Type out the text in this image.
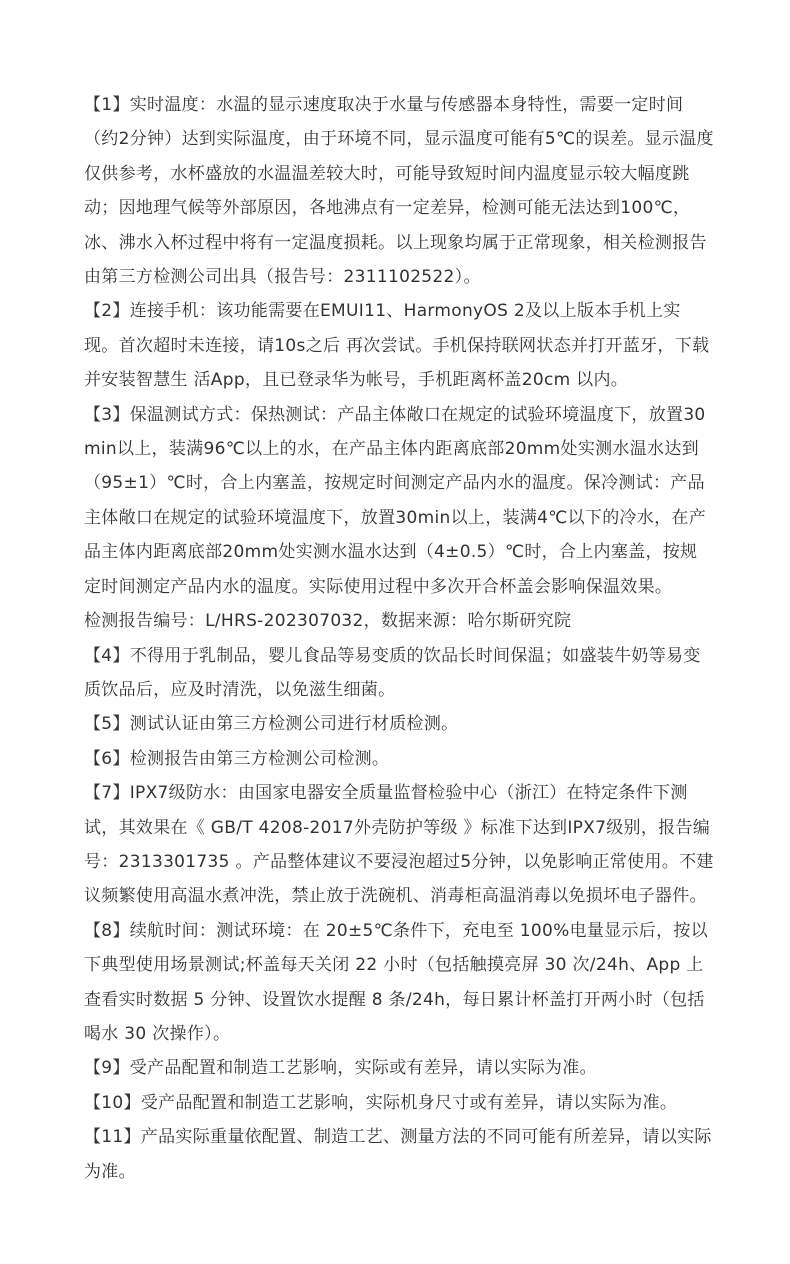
【1】实时温度：水温的显示速度取决于水量与传感器本身特性，需要一定时间（约2分钟）达到实际温度，由于环境不同，显示温度可能有5℃的误差。显示温度仅供参考，水杯盛放的水温温差较大时，可能导致短时间内温度显示较大幅度跳动；因地理气候等外部原因，各地沸点有一定差异，检测可能无法达到100℃，冰、沸水入杯过程中将有一定温度损耗。以上现象均属于正常现象，相关检测报告由第三方检测公司出具（报告号：2311102522）。
【2】连接手机：该功能需要在EMUI11、HarmonyOS 2及以上版本手机上实现。首次超时未连接，请10s之后 再次尝试。手机保持联网状态并打开蓝牙，下载并安装智慧生 活App，且已登录华为帐号，手机距离杯盖20cm 以内。
【3】保温测试方式：保热测试：产品主体敞口在规定的试验环境温度下，放置30min以上，装满96℃以上的水，在产品主体内距离底部20mm处实测水温水达到（95±1）℃时，合上内塞盖，按规定时间测定产品内水的温度。保冷测试：产品主体敞口在规定的试验环境温度下，放置30min以上，装满4℃以下的冷水，在产品主体内距离底部20mm处实测水温水达到（4±0.5）℃时，合上内塞盖，按规定时间测定产品内水的温度。实际使用过程中多次开合杯盖会影响保温效果。
检测报告编号：L/HRS-202307032，数据来源：哈尔斯研究院
【4】不得用于乳制品，婴儿食品等易变质的饮品长时间保温；如盛装牛奶等易变质饮品后，应及时清洗，以免滋生细菌。
【5】测试认证由第三方检测公司进行材质检测。
【6】检测报告由第三方检测公司检测。
【7】IPX7级防水：由国家电器安全质量监督检验中心（浙江）在特定条件下测试，其效果在《 GB/T 4208-2017外壳防护等级 》标准下达到IPX7级别，报告编号：2313301735 。产品整体建议不要浸泡超过5分钟，以免影响正常使用。不建议频繁使用高温水煮冲洗，禁止放于洗碗机、消毒柜高温消毒以免损坏电子器件。
【8】续航时间：测试环境：在 20±5℃条件下，充电至 100%电量显示后，按以下典型使用场景测试;杯盖每天关闭 22 小时（包括触摸亮屏 30 次/24h、App 上查看实时数据 5 分钟、设置饮水提醒 8 条/24h，每日累计杯盖打开两小时（包括喝水 30 次操作）。
【9】受产品配置和制造工艺影响，实际或有差异，请以实际为准。
【10】受产品配置和制造工艺影响，实际机身尺寸或有差异，请以实际为准。
【11】产品实际重量依配置、制造工艺、测量方法的不同可能有所差异，请以实际为准。
